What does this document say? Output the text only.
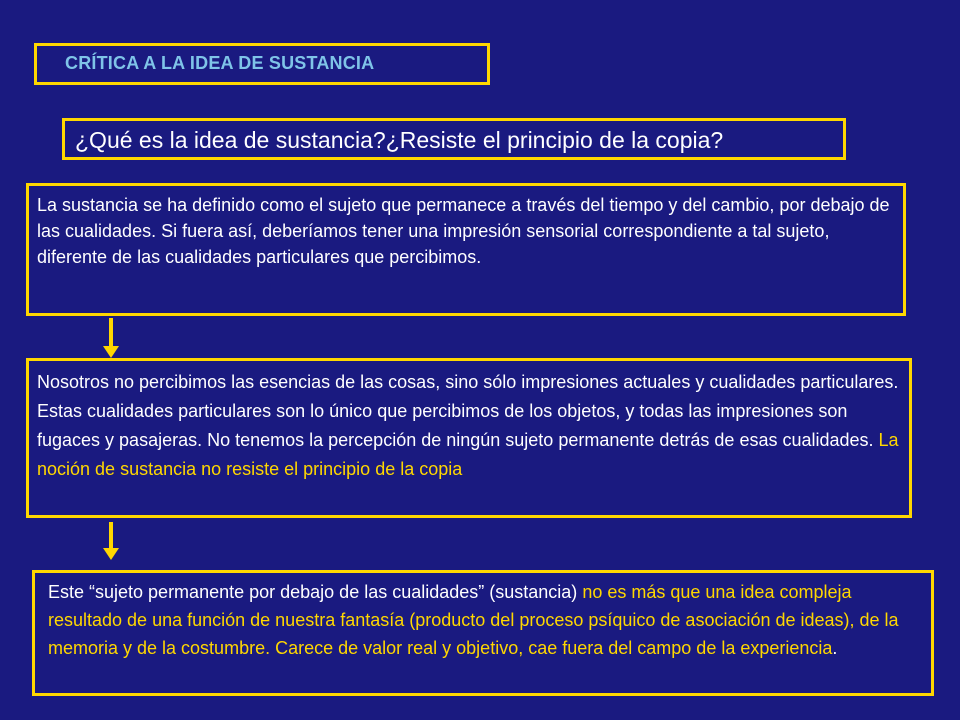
CRÍTICA A LA IDEA DE SUSTANCIA
¿Qué es la idea de sustancia?¿Resiste el principio de la copia?
La sustancia se ha definido como el sujeto que permanece a través del tiempo y del cambio, por debajo de las cualidades. Si fuera así, deberíamos tener una impresión sensorial correspondiente a tal sujeto, diferente de las cualidades particulares que percibimos.
Nosotros no percibimos las esencias de las cosas, sino sólo impresiones actuales y cualidades particulares. Estas cualidades particulares son lo único que percibimos de los objetos, y todas las impresiones son fugaces y pasajeras. No tenemos la percepción de ningún sujeto permanente detrás de esas cualidades. La noción de sustancia no resiste el principio de la copia
Este “sujeto permanente por debajo de las cualidades” (sustancia) no es más que una idea compleja resultado de una función de nuestra fantasía (producto del proceso psíquico de asociación de ideas), de la memoria y de la costumbre. Carece de valor real y objetivo, cae fuera del campo de la experiencia.
